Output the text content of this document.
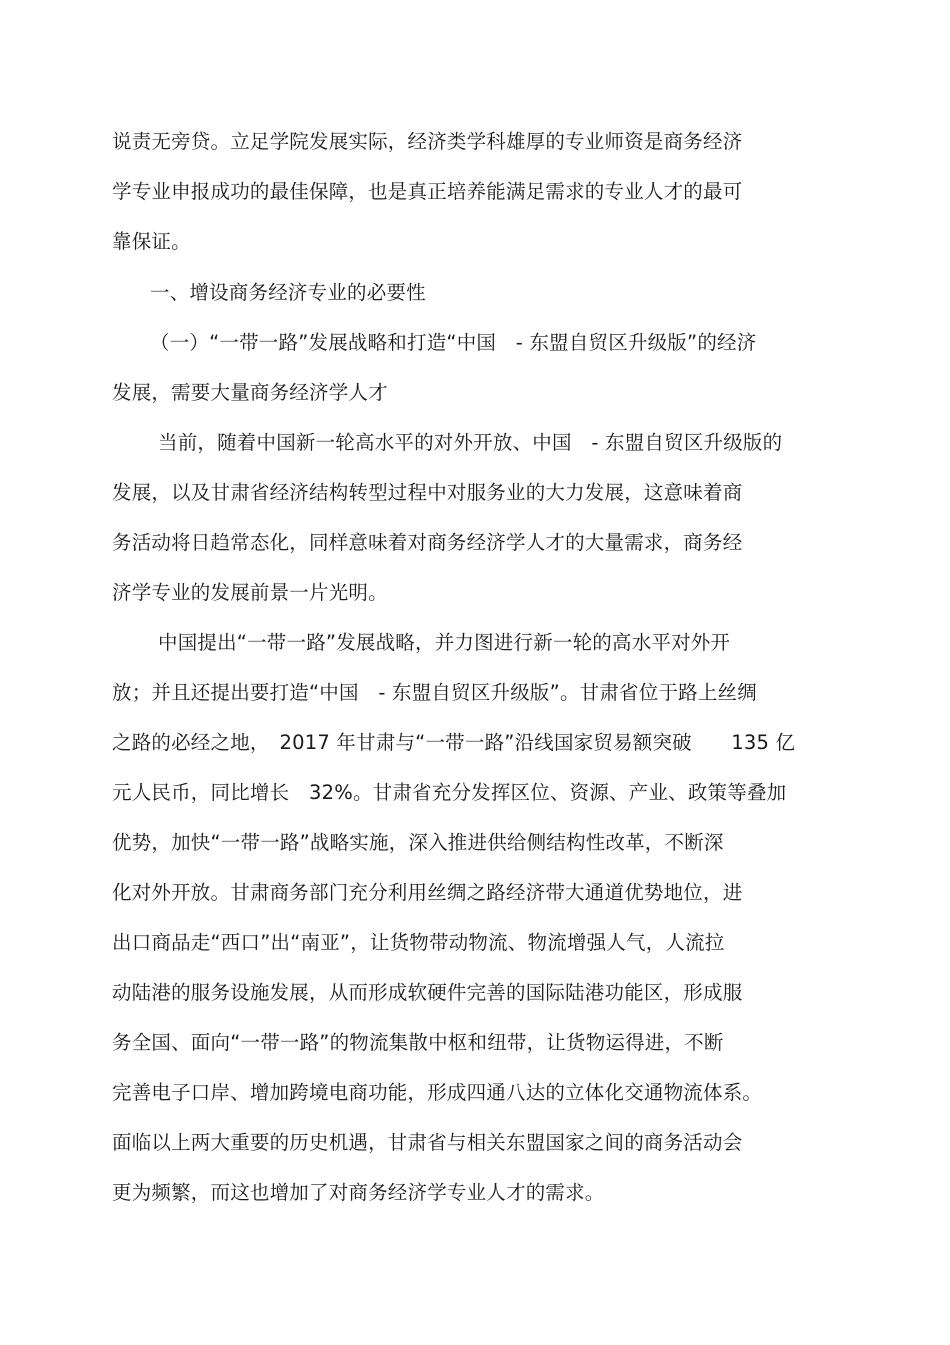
说责无旁贷。立足学院发展实际，经济类学科雄厚的专业师资是商务经济
学专业申报成功的最佳保障，也是真正培养能满足需求的专业人才的最可
靠保证。
一、增设商务经济专业的必要性
（一）“一带一路”发展战略和打造“中国　- 东盟自贸区升级版”的经济
发展，需要大量商务经济学人才
当前，随着中国新一轮高水平的对外开放、中国　- 东盟自贸区升级版的
发展，以及甘肃省经济结构转型过程中对服务业的大力发展，这意味着商
务活动将日趋常态化，同样意味着对商务经济学人才的大量需求，商务经
济学专业的发展前景一片光明。
中国提出“一带一路”发展战略，并力图进行新一轮的高水平对外开
放；并且还提出要打造“中国　- 东盟自贸区升级版”。甘肃省位于路上丝绸
之路的必经之地，　2017 年甘肃与“一带一路”沿线国家贸易额突破　　135 亿
元人民币，同比增长　32%。甘肃省充分发挥区位、资源、产业、政策等叠加
优势，加快“一带一路”战略实施，深入推进供给侧结构性改革，不断深
化对外开放。甘肃商务部门充分利用丝绸之路经济带大通道优势地位，进
出口商品走“西口”出“南亚”，让货物带动物流、物流增强人气，人流拉
动陆港的服务设施发展，从而形成软硬件完善的国际陆港功能区，形成服
务全国、面向“一带一路”的物流集散中枢和纽带，让货物运得进，不断
完善电子口岸、增加跨境电商功能，形成四通八达的立体化交通物流体系。
面临以上两大重要的历史机遇，甘肃省与相关东盟国家之间的商务活动会
更为频繁，而这也增加了对商务经济学专业人才的需求。
